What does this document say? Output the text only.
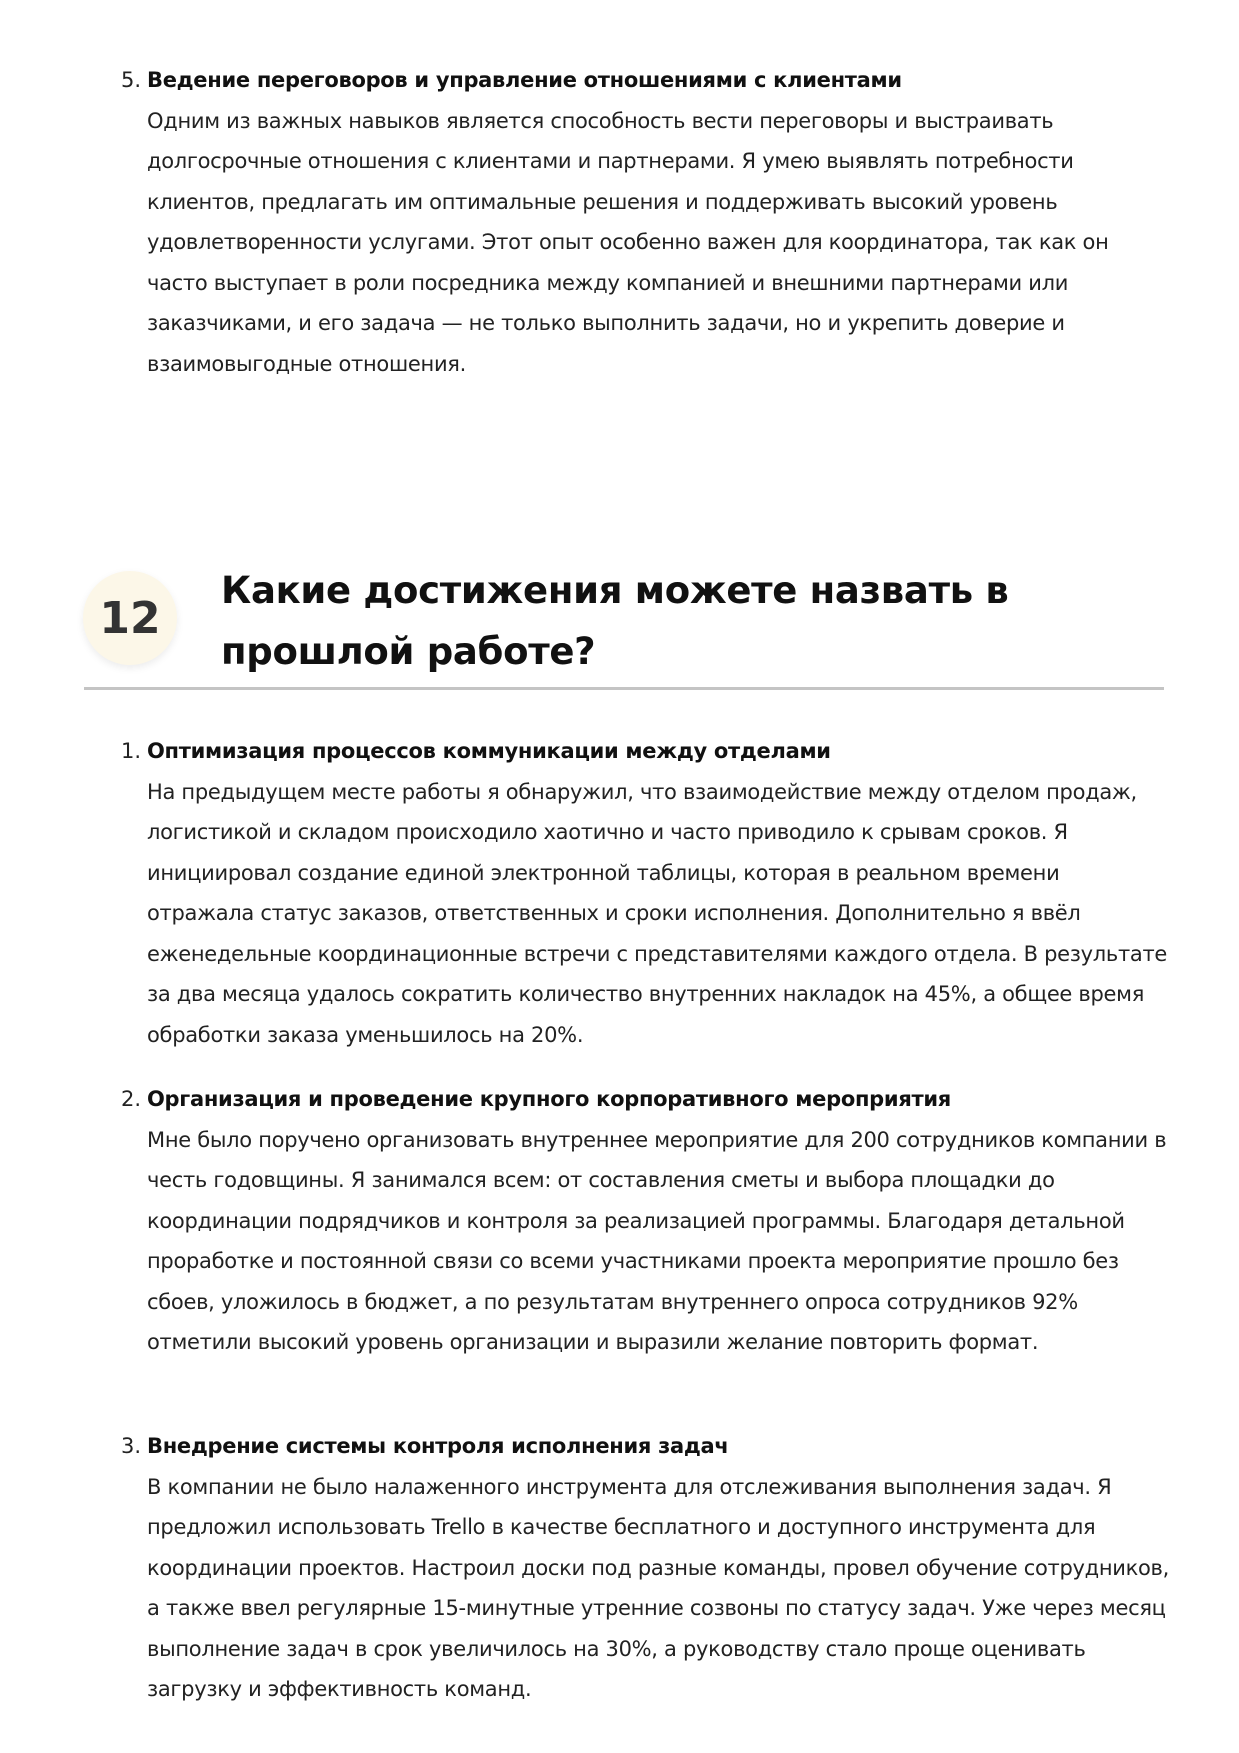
5. Ведение переговоров и управление отношениями с клиентами
Одним из важных навыков является способность вести переговоры и выстраивать долгосрочные отношения с клиентами и партнерами. Я умею выявлять потребности клиентов, предлагать им оптимальные решения и поддерживать высокий уровень удовлетворенности услугами. Этот опыт особенно важен для координатора, так как он часто выступает в роли посредника между компанией и внешними партнерами или заказчиками, и его задача — не только выполнить задачи, но и укрепить доверие и взаимовыгодные отношения.
12
Какие достижения можете назвать в прошлой работе?
1. Оптимизация процессов коммуникации между отделами
На предыдущем месте работы я обнаружил, что взаимодействие между отделом продаж, логистикой и складом происходило хаотично и часто приводило к срывам сроков. Я инициировал создание единой электронной таблицы, которая в реальном времени отражала статус заказов, ответственных и сроки исполнения. Дополнительно я ввёл еженедельные координационные встречи с представителями каждого отдела. В результате за два месяца удалось сократить количество внутренних накладок на 45%, а общее время обработки заказа уменьшилось на 20%.
2. Организация и проведение крупного корпоративного мероприятия
Мне было поручено организовать внутреннее мероприятие для 200 сотрудников компании в честь годовщины. Я занимался всем: от составления сметы и выбора площадки до координации подрядчиков и контроля за реализацией программы. Благодаря детальной проработке и постоянной связи со всеми участниками проекта мероприятие прошло без сбоев, уложилось в бюджет, а по результатам внутреннего опроса сотрудников 92% отметили высокий уровень организации и выразили желание повторить формат.
3. Внедрение системы контроля исполнения задач
В компании не было налаженного инструмента для отслеживания выполнения задач. Я предложил использовать Trello в качестве бесплатного и доступного инструмента для координации проектов. Настроил доски под разные команды, провел обучение сотрудников, а также ввел регулярные 15-минутные утренние созвоны по статусу задач. Уже через месяц выполнение задач в срок увеличилось на 30%, а руководству стало проще оценивать загрузку и эффективность команд.
